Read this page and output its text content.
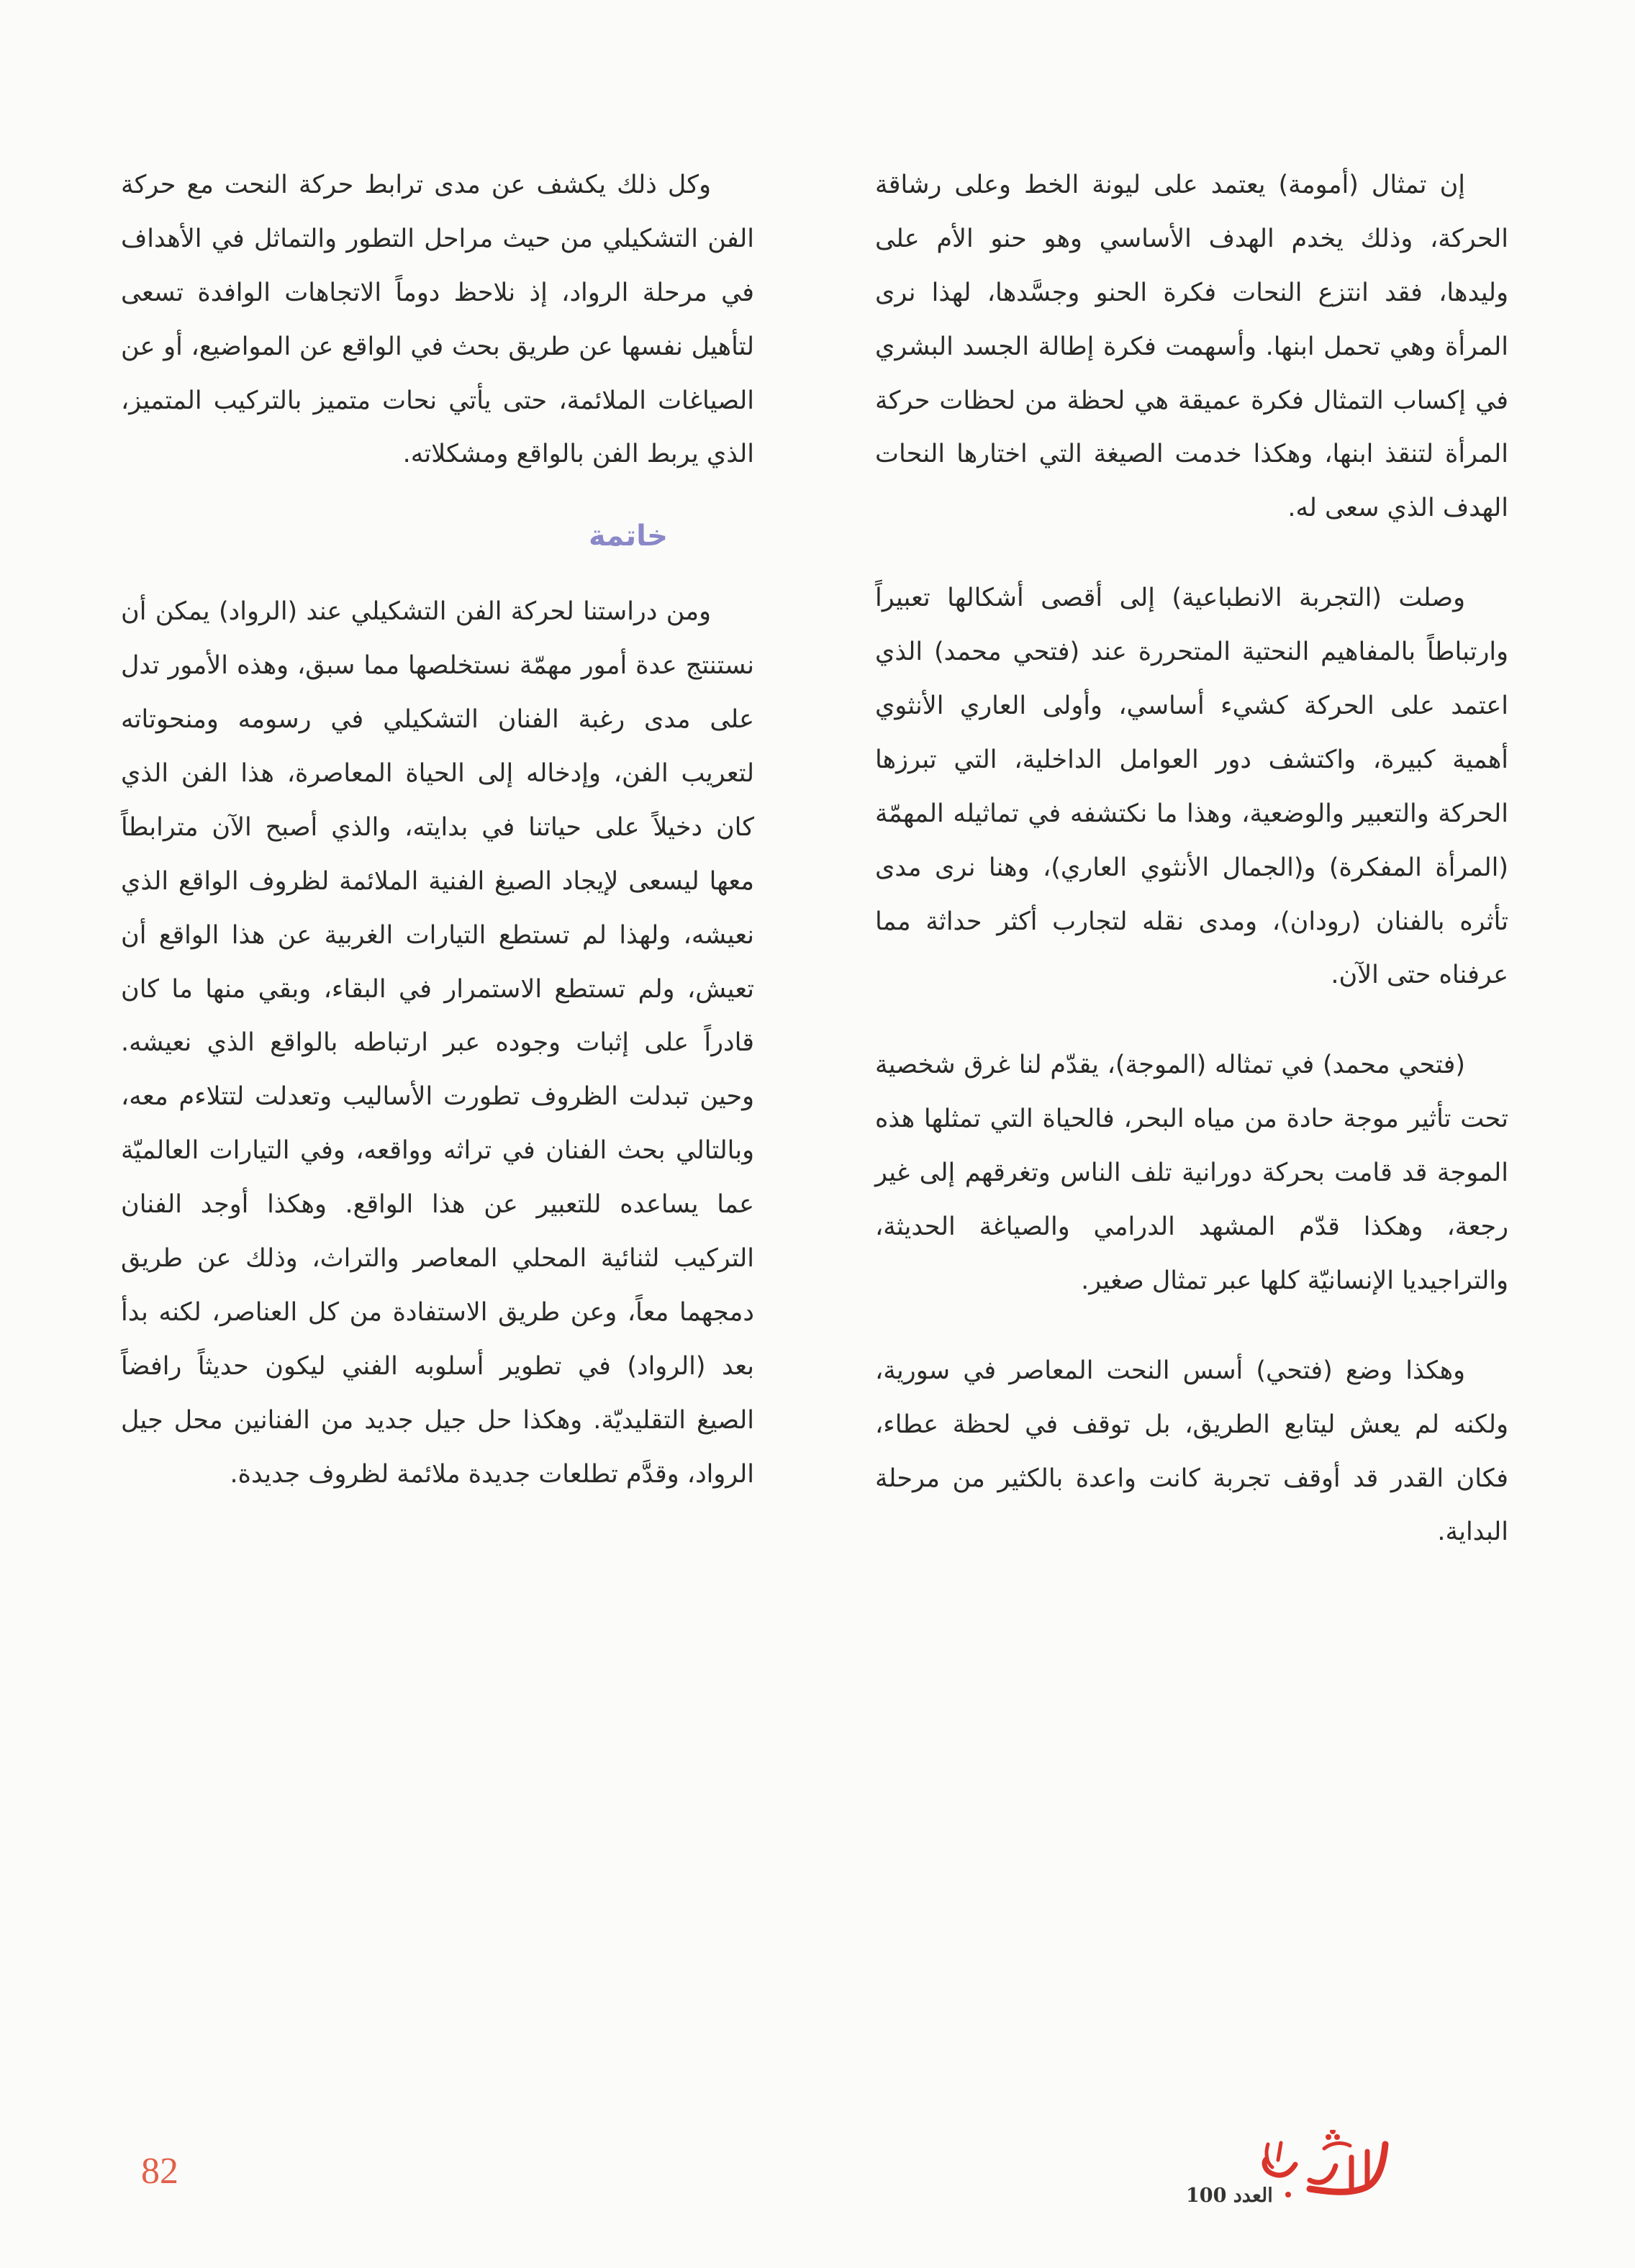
إن تمثال (أمومة) يعتمد على ليونة الخط وعلى رشاقة الحركة، وذلك يخدم الهدف الأساسي وهو حنو الأم على وليدها، فقد انتزع النحات فكرة الحنو وجسَّدها، لهذا نرى المرأة وهي تحمل ابنها. وأسهمت فكرة إطالة الجسد البشري في إكساب التمثال فكرة عميقة هي لحظة من لحظات حركة المرأة لتنقذ ابنها، وهكذا خدمت الصيغة التي اختارها النحات الهدف الذي سعى له.

وصلت (التجربة الانطباعية) إلى أقصى أشكالها تعبيراً وارتباطاً بالمفاهيم النحتية المتحررة عند (فتحي محمد) الذي اعتمد على الحركة كشيء أساسي، وأولى العاري الأنثوي أهمية كبيرة، واكتشف دور العوامل الداخلية، التي تبرزها الحركة والتعبير والوضعية، وهذا ما نكتشفه في تماثيله المهمّة (المرأة المفكرة) و(الجمال الأنثوي العاري)، وهنا نرى مدى تأثره بالفنان (رودان)، ومدى نقله لتجارب أكثر حداثة مما عرفناه حتى الآن.

(فتحي محمد) في تمثاله (الموجة)، يقدّم لنا غرق شخصية تحت تأثير موجة حادة من مياه البحر، فالحياة التي تمثلها هذه الموجة قد قامت بحركة دورانية تلف الناس وتغرقهم إلى غير رجعة، وهكذا قدّم المشهد الدرامي والصياغة الحديثة، والتراجيديا الإنسانيّة كلها عبر تمثال صغير.

وهكذا وضع (فتحي) أسس النحت المعاصر في سورية، ولكنه لم يعش ليتابع الطريق، بل توقف في لحظة عطاء، فكان القدر قد أوقف تجربة كانت واعدة بالكثير من مرحلة البداية.

وكل ذلك يكشف عن مدى ترابط حركة النحت مع حركة الفن التشكيلي من حيث مراحل التطور والتماثل في الأهداف في مرحلة الرواد، إذ نلاحظ دوماً الاتجاهات الوافدة تسعى لتأهيل نفسها عن طريق بحث في الواقع عن المواضيع، أو عن الصياغات الملائمة، حتى يأتي نحات متميز بالتركيب المتميز، الذي يربط الفن بالواقع ومشكلاته.

خاتمة

ومن دراستنا لحركة الفن التشكيلي عند (الرواد) يمكن أن نستنتج عدة أمور مهمّة نستخلصها مما سبق، وهذه الأمور تدل على مدى رغبة الفنان التشكيلي في رسومه ومنحوتاته لتعريب الفن، وإدخاله إلى الحياة المعاصرة، هذا الفن الذي كان دخيلاً على حياتنا في بدايته، والذي أصبح الآن مترابطاً معها ليسعى لإيجاد الصيغ الفنية الملائمة لظروف الواقع الذي نعيشه، ولهذا لم تستطع التيارات الغربية عن هذا الواقع أن تعيش، ولم تستطع الاستمرار في البقاء، وبقي منها ما كان قادراً على إثبات وجوده عبر ارتباطه بالواقع الذي نعيشه. وحين تبدلت الظروف تطورت الأساليب وتعدلت لتتلاءم معه، وبالتالي بحث الفنان في تراثه وواقعه، وفي التيارات العالميّة عما يساعده للتعبير عن هذا الواقع. وهكذا أوجد الفنان التركيب لثنائية المحلي المعاصر والتراث، وذلك عن طريق دمجهما معاً، وعن طريق الاستفادة من كل العناصر، لكنه بدأ بعد (الرواد) في تطوير أسلوبه الفني ليكون حديثاً رافضاً الصيغ التقليديّة. وهكذا حل جيل جديد من الفنانين محل جيل الرواد، وقدَّم تطلعات جديدة ملائمة لظروف جديدة.

82
العدد 100
